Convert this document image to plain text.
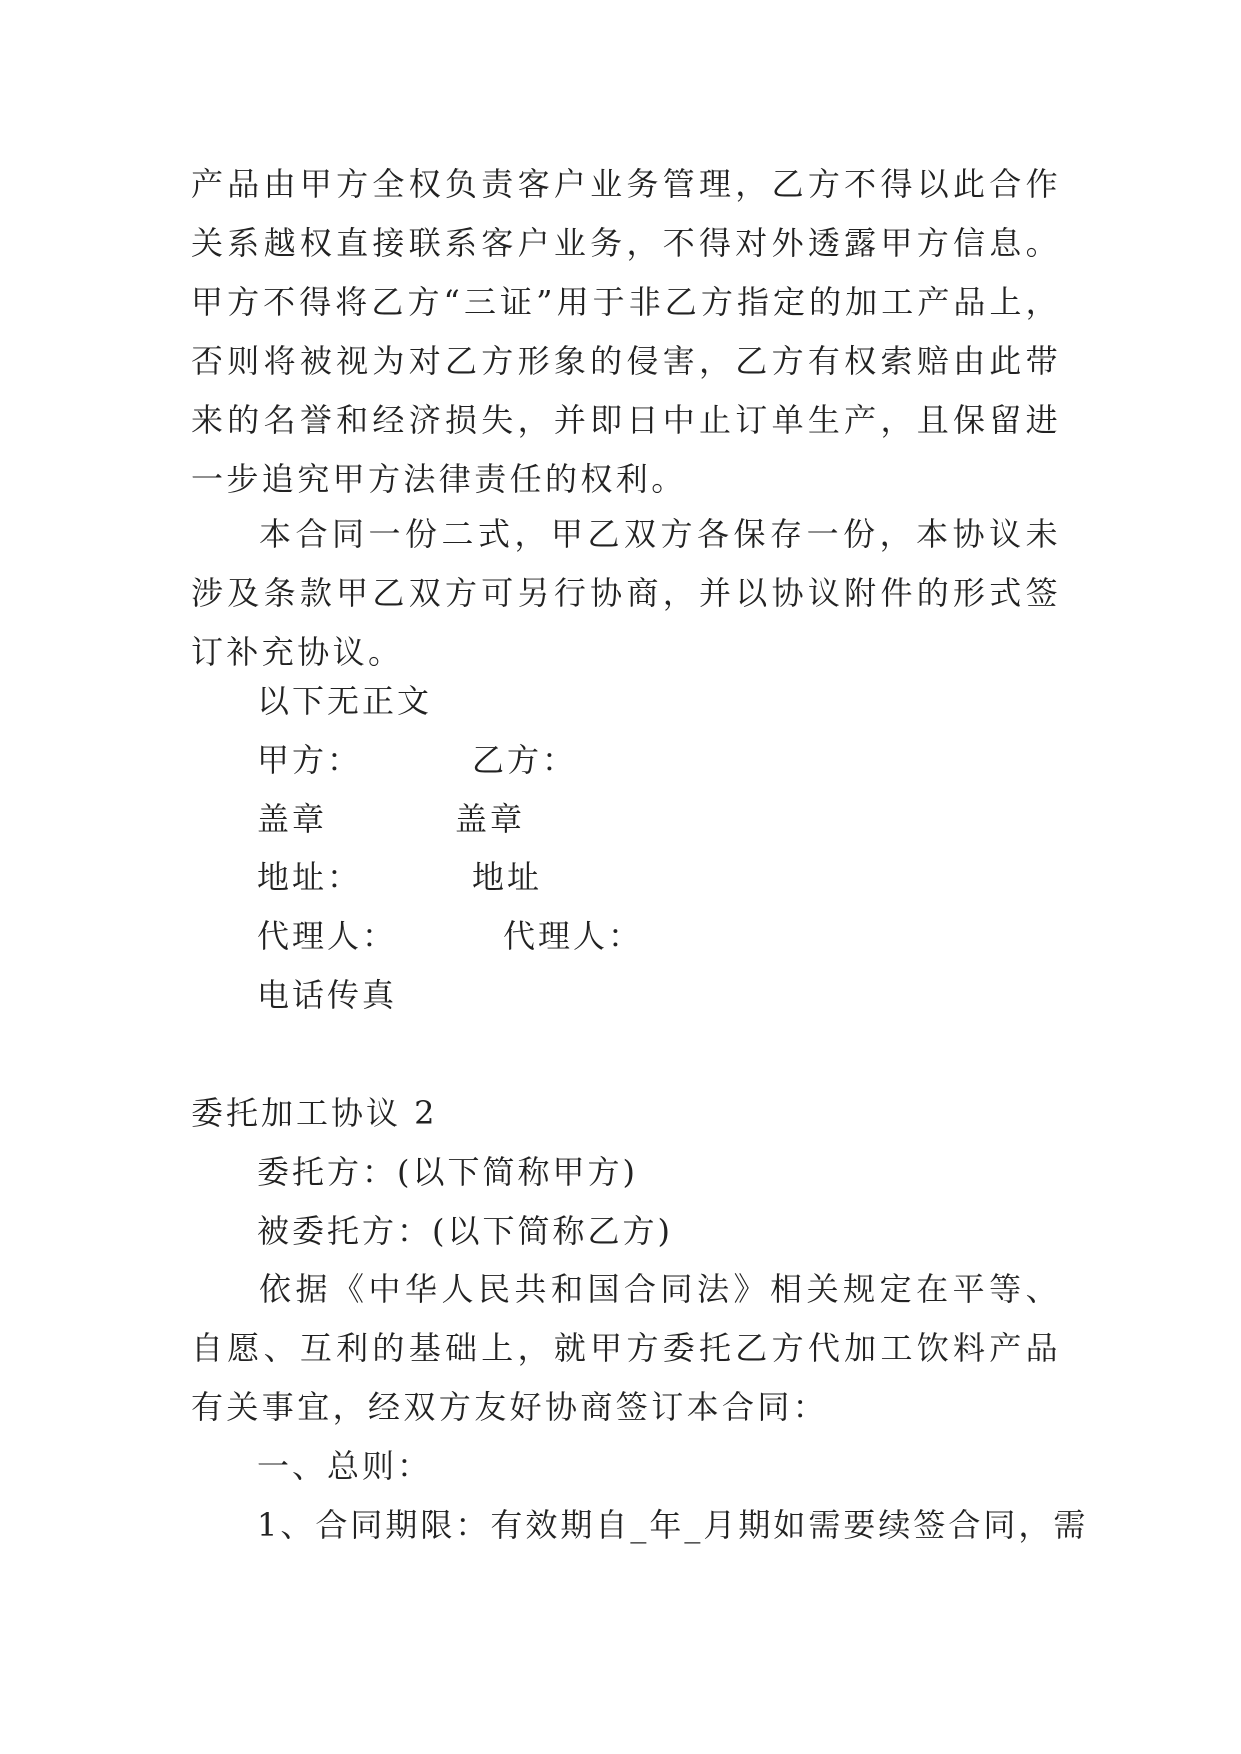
产品由甲方全权负责客户业务管理，乙方不得以此合作关系越权直接联系客户业务，不得对外透露甲方信息。甲方不得将乙方“三证”用于非乙方指定的加工产品上，否则将被视为对乙方形象的侵害，乙方有权索赔由此带来的名誉和经济损失，并即日中止订单生产，且保留进一步追究甲方法律责任的权利。

本合同一份二式，甲乙双方各保存一份，本协议未涉及条款甲乙双方可另行协商，并以协议附件的形式签订补充协议。

以下无正文
甲方：	乙方：
盖章	盖章
地址：	地址
代理人：	代理人：
电话传真
委托加工协议 2
委托方：(以下简称甲方)
被委托方：(以下简称乙方)

依据《中华人民共和国合同法》相关规定在平等、自愿、互利的基础上，就甲方委托乙方代加工饮料产品有关事宜，经双方友好协商签订本合同：

一、总则：
1、合同期限：有效期自_年_月期如需要续签合同，需
